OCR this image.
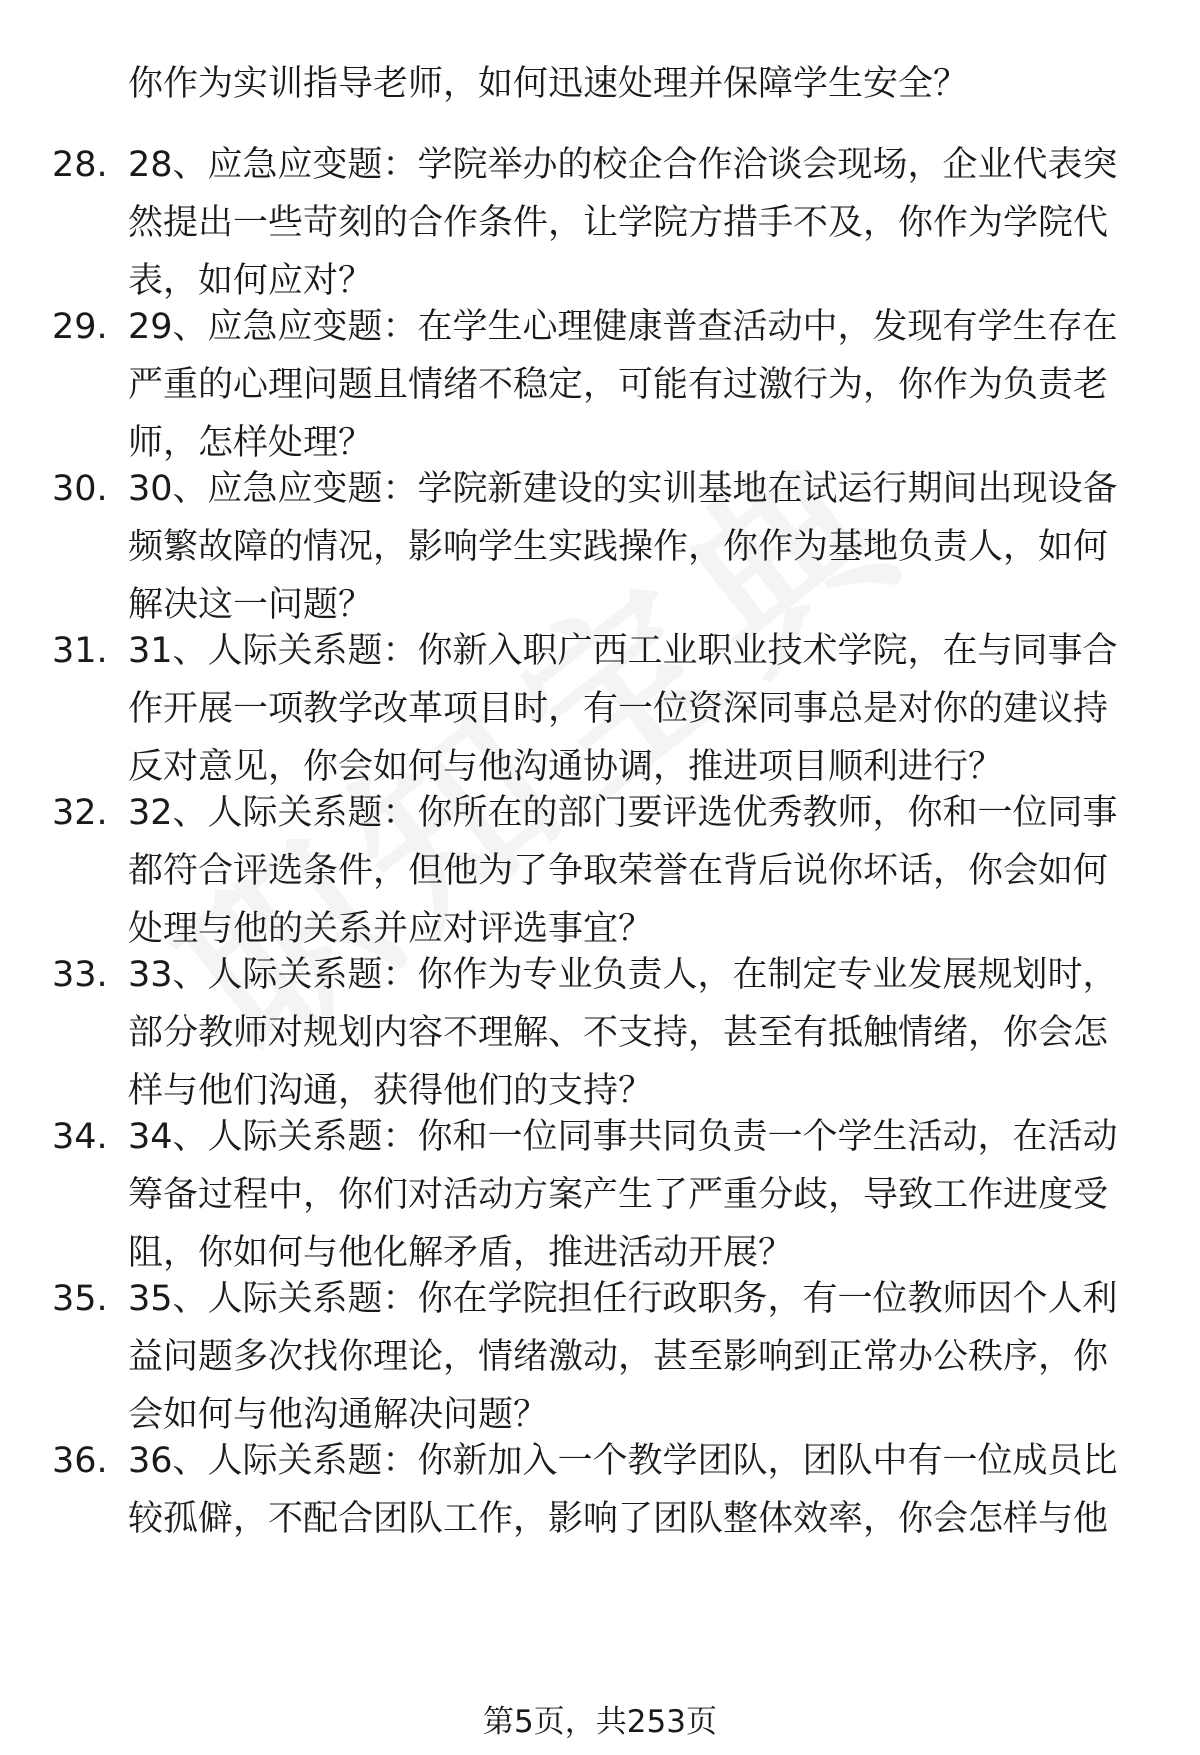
你作为实训指导老师，如何迅速处理并保障学生安全？
28. 28、应急应变题：学院举办的校企合作洽谈会现场，企业代表突
然提出一些苛刻的合作条件，让学院方措手不及，你作为学院代
表，如何应对？
29. 29、应急应变题：在学生心理健康普查活动中，发现有学生存在
严重的心理问题且情绪不稳定，可能有过激行为，你作为负责老
师，怎样处理？
30. 30、应急应变题：学院新建设的实训基地在试运行期间出现设备
频繁故障的情况，影响学生实践操作，你作为基地负责人，如何
解决这一问题？
31. 31、人际关系题：你新入职广西工业职业技术学院，在与同事合
作开展一项教学改革项目时，有一位资深同事总是对你的建议持
反对意见，你会如何与他沟通协调，推进项目顺利进行？
32. 32、人际关系题：你所在的部门要评选优秀教师，你和一位同事
都符合评选条件，但他为了争取荣誉在背后说你坏话，你会如何
处理与他的关系并应对评选事宜？
33. 33、人际关系题：你作为专业负责人，在制定专业发展规划时，
部分教师对规划内容不理解、不支持，甚至有抵触情绪，你会怎
样与他们沟通，获得他们的支持？
34. 34、人际关系题：你和一位同事共同负责一个学生活动，在活动
筹备过程中，你们对活动方案产生了严重分歧，导致工作进度受
阻，你如何与他化解矛盾，推进活动开展？
35. 35、人际关系题：你在学院担任行政职务，有一位教师因个人利
益问题多次找你理论，情绪激动，甚至影响到正常办公秩序，你
会如何与他沟通解决问题？
36. 36、人际关系题：你新加入一个教学团队，团队中有一位成员比
较孤僻，不配合团队工作，影响了团队整体效率，你会怎样与他
第5页，共253页
